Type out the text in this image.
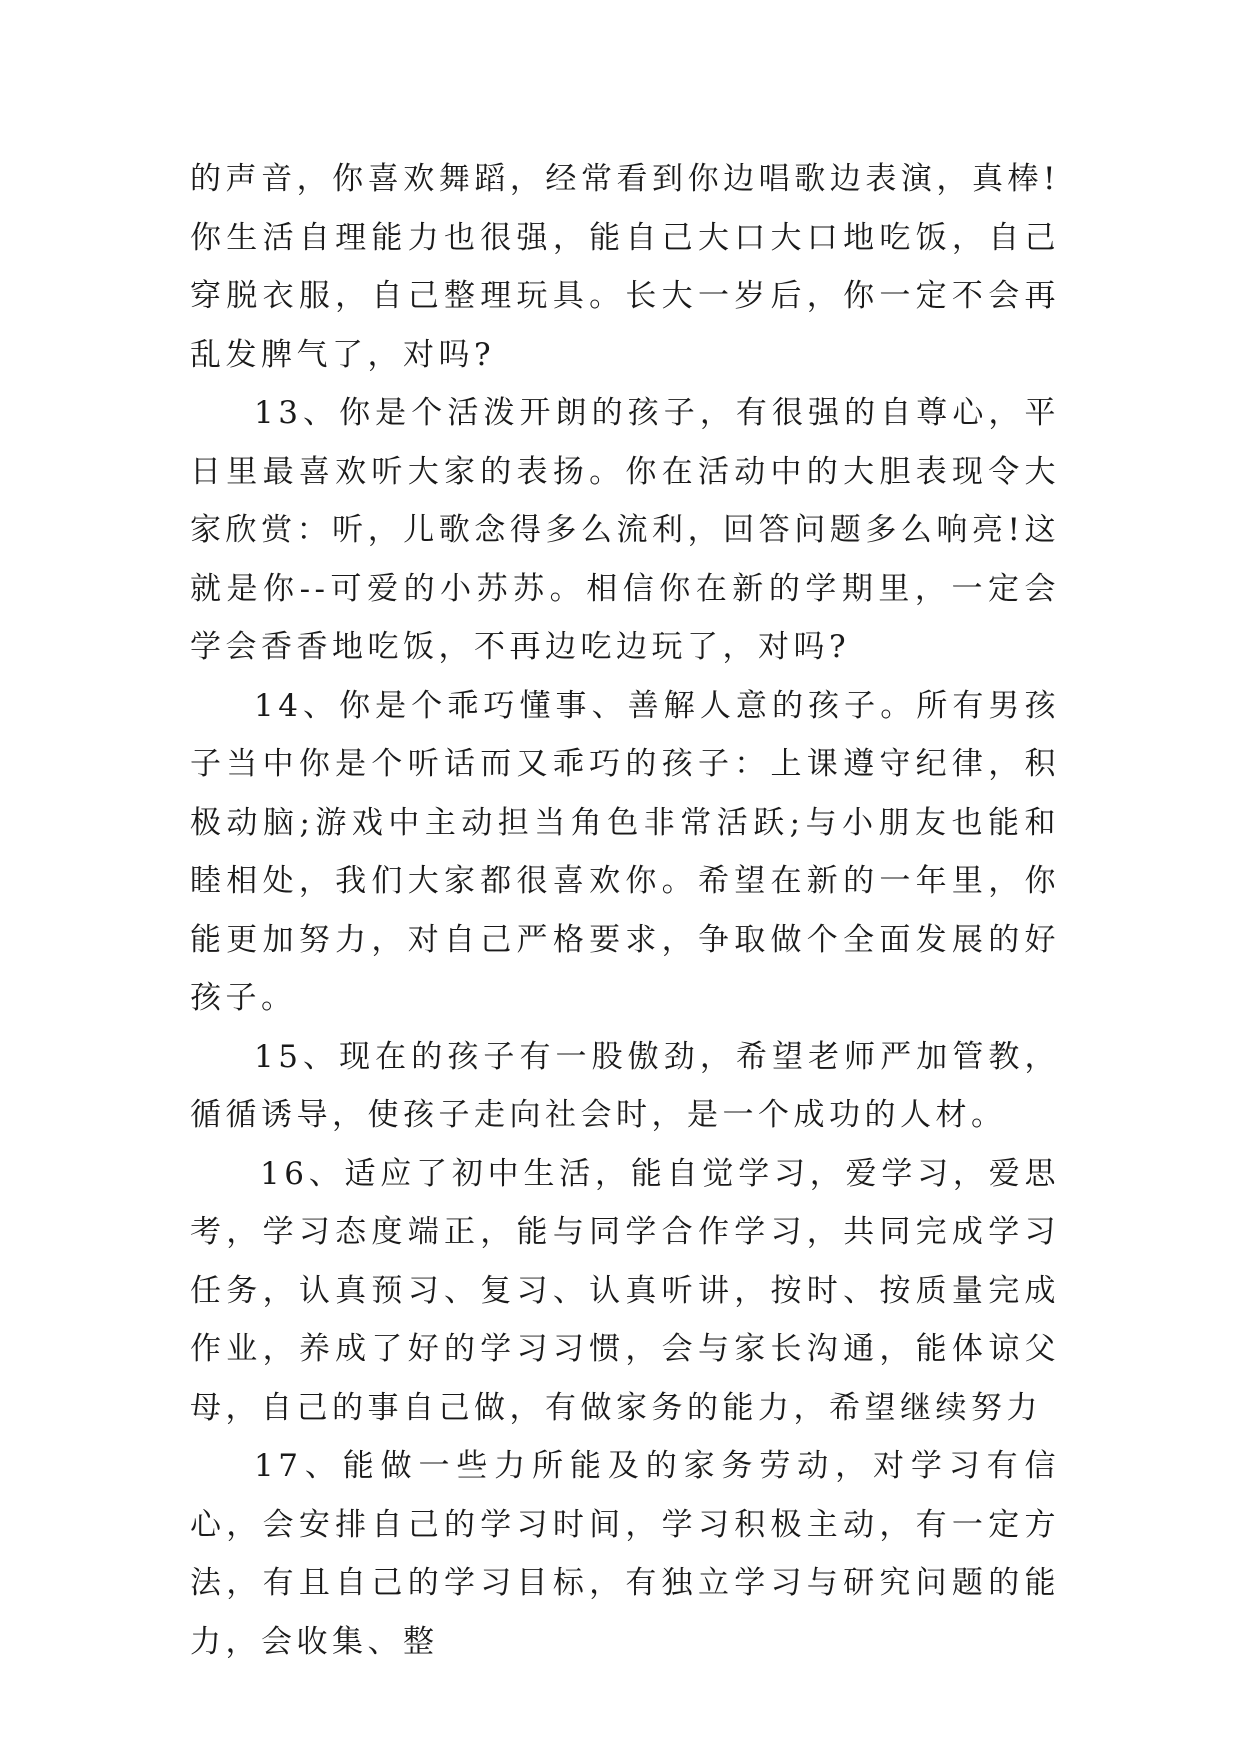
的声音，你喜欢舞蹈，经常看到你边唱歌边表演，真棒!你生活自理能力也很强，能自己大口大口地吃饭，自己穿脱衣服，自己整理玩具。长大一岁后，你一定不会再乱发脾气了，对吗?

13、你是个活泼开朗的孩子，有很强的自尊心，平日里最喜欢听大家的表扬。你在活动中的大胆表现令大家欣赏：听，儿歌念得多么流利，回答问题多么响亮!这就是你--可爱的小苏苏。相信你在新的学期里，一定会学会香香地吃饭，不再边吃边玩了，对吗?

14、你是个乖巧懂事、善解人意的孩子。所有男孩子当中你是个听话而又乖巧的孩子：上课遵守纪律，积极动脑;游戏中主动担当角色非常活跃;与小朋友也能和睦相处，我们大家都很喜欢你。希望在新的一年里，你能更加努力，对自己严格要求，争取做个全面发展的好孩子。

15、现在的孩子有一股傲劲，希望老师严加管教，循循诱导，使孩子走向社会时，是一个成功的人材。

16、适应了初中生活，能自觉学习，爱学习，爱思考，学习态度端正，能与同学合作学习，共同完成学习任务，认真预习、复习、认真听讲，按时、按质量完成作业，养成了好的学习习惯，会与家长沟通，能体谅父母，自己的事自己做，有做家务的能力，希望继续努力

17、能做一些力所能及的家务劳动，对学习有信心，会安排自己的学习时间，学习积极主动，有一定方法，有且自己的学习目标，有独立学习与研究问题的能力，会收集、整
